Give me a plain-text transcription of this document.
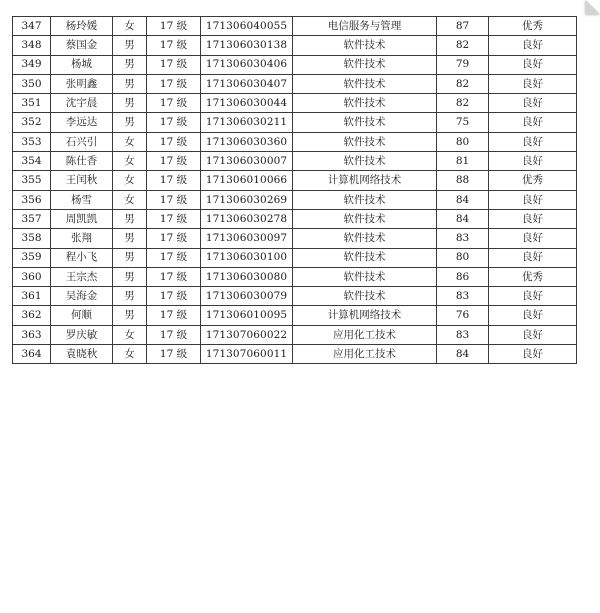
347	杨玲媛	女	17 级	171306040055	电信服务与管理	87	优秀
348	蔡国金	男	17 级	171306030138	软件技术	82	良好
349	杨城	男	17 级	171306030406	软件技术	79	良好
350	张明鑫	男	17 级	171306030407	软件技术	82	良好
351	沈宇晨	男	17 级	171306030044	软件技术	82	良好
352	李远达	男	17 级	171306030211	软件技术	75	良好
353	石兴引	女	17 级	171306030360	软件技术	80	良好
354	陈仕香	女	17 级	171306030007	软件技术	81	良好
355	王闰秋	女	17 级	171306010066	计算机网络技术	88	优秀
356	杨雪	女	17 级	171306030269	软件技术	84	良好
357	周凯凯	男	17 级	171306030278	软件技术	84	良好
358	张翔	男	17 级	171306030097	软件技术	83	良好
359	程小飞	男	17 级	171306030100	软件技术	80	良好
360	王宗杰	男	17 级	171306030080	软件技术	86	优秀
361	吴海金	男	17 级	171306030079	软件技术	83	良好
362	何顺	男	17 级	171306010095	计算机网络技术	76	良好
363	罗庆敏	女	17 级	171307060022	应用化工技术	83	良好
364	袁晓秋	女	17 级	171307060011	应用化工技术	84	良好
